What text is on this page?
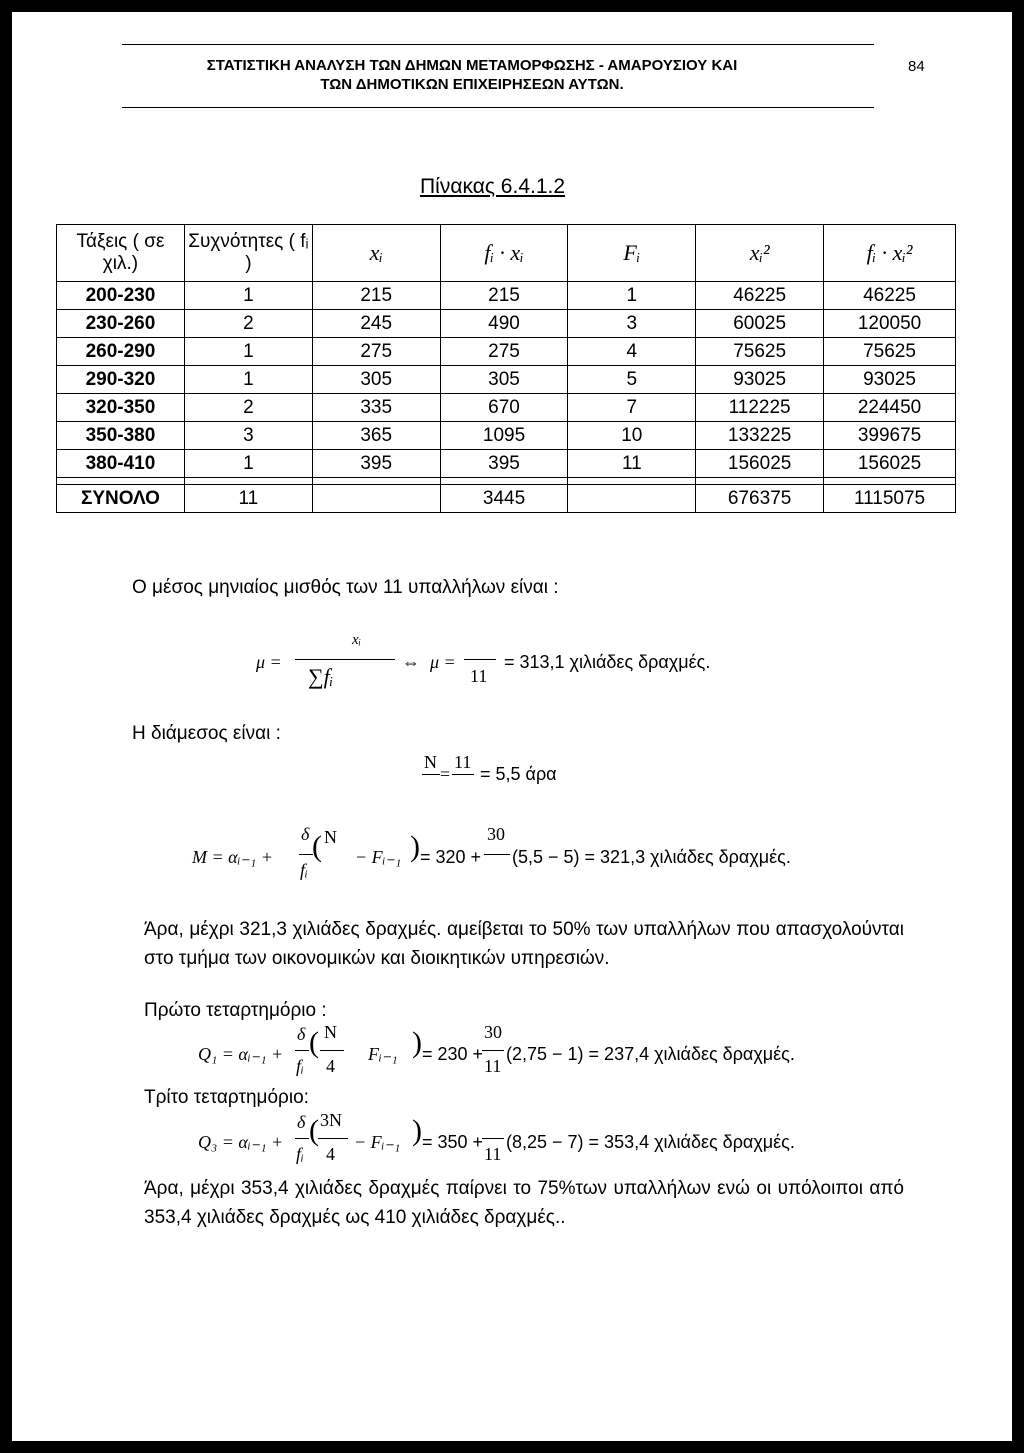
ΣΤΑΤΙΣΤΙΚΗ ΑΝΑΛΥΣΗ ΤΩΝ ΔΗΜΩΝ ΜΕΤΑΜΟΡΦΩΣΗΣ - ΑΜΑΡΟΥΣΙΟΥ ΚΑΙ
ΤΩΝ ΔΗΜΟΤΙΚΩΝ ΕΠΙΧΕΙΡΗΣΕΩΝ ΑΥΤΩΝ.
84
Πίνακας 6.4.1.2
Τάξεις ( σε χιλ.)	Συχνότητες ( fᵢ )	xᵢ	fᵢ · xᵢ	Fᵢ	xᵢ²	fᵢ · xᵢ²
200-230	1	215	215	1	46225	46225
230-260	2	245	490	3	60025	120050
260-290	1	275	275	4	75625	75625
290-320	1	305	305	5	93025	93025
320-350	2	335	670	7	112225	224450
350-380	3	365	1095	10	133225	399675
380-410	1	395	395	11	156025	156025

ΣΥΝΟΛΟ	11		3445		676375	1115075
Ο μέσος μηνιαίος μισθός των 11 υπαλλήλων είναι :
μ =
xᵢ
∑fᵢ
⇔ μ =
11
= 313,1 χιλιάδες δραχμές.
Η διάμεσος είναι :
N 11
= = 5,5 άρα
M = αᵢ₋₁ +
δ
fᵢ
( N
− Fᵢ₋₁ ) = 320 +
30
(5,5 − 5) = 321,3 χιλιάδες δραχμές.
Άρα, μέχρι 321,3 χιλιάδες δραχμές. αμείβεται το 50% των υπαλλήλων που απασχολούνται στο τμήμα των οικονομικών και διοικητικών υπηρεσιών.
Πρώτο τεταρτημόριο :
Q₁ = αᵢ₋₁ +
δ
fᵢ
( N
4
Fᵢ₋₁ ) = 230 +
30
11
(2,75 − 1) = 237,4 χιλιάδες δραχμές.
Τρίτο τεταρτημόριο:
Q₃ = αᵢ₋₁ +
δ
fᵢ
( 3N
4
− Fᵢ₋₁ ) = 350 +
11
(8,25 − 7) = 353,4 χιλιάδες δραχμές.
Άρα, μέχρι 353,4 χιλιάδες δραχμές παίρνει το 75%των υπαλλήλων ενώ οι υπόλοιποι από 353,4 χιλιάδες δραχμές ως 410 χιλιάδες δραχμές..
